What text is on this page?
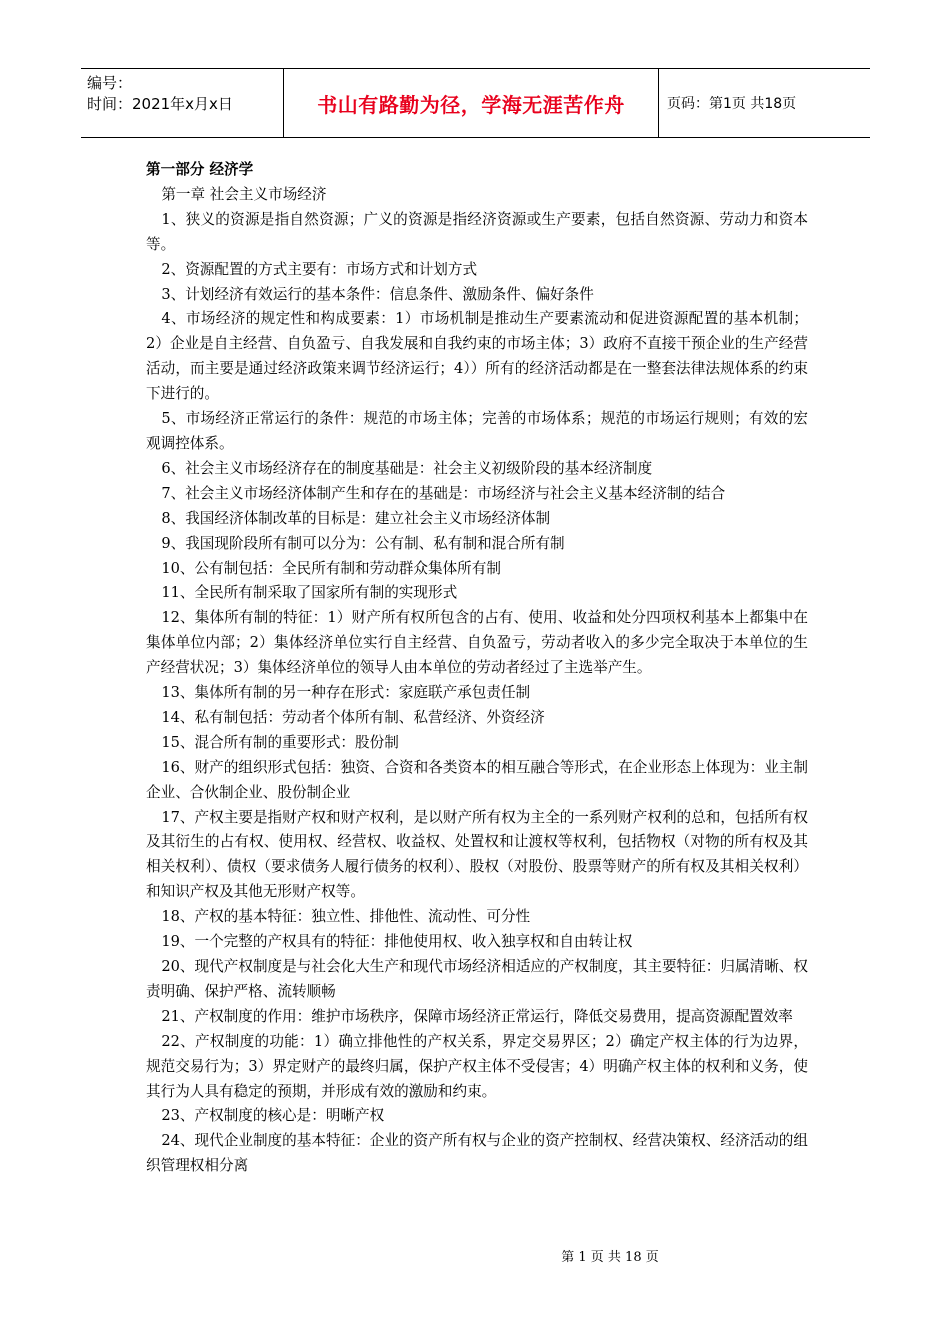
编号：
时间：2021年x月x日	书山有路勤为径，学海无涯苦作舟	页码：第1页 共18页

第一部分 经济学

第一章 社会主义市场经济

1、狭义的资源是指自然资源；广义的资源是指经济资源或生产要素，包括自然资源、劳动力和资本等。

2、资源配置的方式主要有：市场方式和计划方式

3、计划经济有效运行的基本条件：信息条件、激励条件、偏好条件

4、市场经济的规定性和构成要素：1）市场机制是推动生产要素流动和促进资源配置的基本机制；2）企业是自主经营、自负盈亏、自我发展和自我约束的市场主体；3）政府不直接干预企业的生产经营活动，而主要是通过经济政策来调节经济运行；4））所有的经济活动都是在一整套法律法规体系的约束下进行的。

5、市场经济正常运行的条件：规范的市场主体；完善的市场体系；规范的市场运行规则；有效的宏观调控体系。

6、社会主义市场经济存在的制度基础是：社会主义初级阶段的基本经济制度

7、社会主义市场经济体制产生和存在的基础是：市场经济与社会主义基本经济制的结合

8、我国经济体制改革的目标是：建立社会主义市场经济体制

9、我国现阶段所有制可以分为：公有制、私有制和混合所有制

10、公有制包括：全民所有制和劳动群众集体所有制

11、全民所有制采取了国家所有制的实现形式

12、集体所有制的特征：1）财产所有权所包含的占有、使用、收益和处分四项权利基本上都集中在集体单位内部；2）集体经济单位实行自主经营、自负盈亏，劳动者收入的多少完全取决于本单位的生产经营状况；3）集体经济单位的领导人由本单位的劳动者经过了主选举产生。

13、集体所有制的另一种存在形式：家庭联产承包责任制

14、私有制包括：劳动者个体所有制、私营经济、外资经济

15、混合所有制的重要形式：股份制

16、财产的组织形式包括：独资、合资和各类资本的相互融合等形式，在企业形态上体现为：业主制企业、合伙制企业、股份制企业

17、产权主要是指财产权和财产权利，是以财产所有权为主全的一系列财产权利的总和，包括所有权及其衍生的占有权、使用权、经营权、收益权、处置权和让渡权等权利，包括物权（对物的所有权及其相关权利）、债权（要求债务人履行债务的权利）、股权（对股份、股票等财产的所有权及其相关权利）和知识产权及其他无形财产权等。

18、产权的基本特征：独立性、排他性、流动性、可分性

19、一个完整的产权具有的特征：排他使用权、收入独享权和自由转让权

20、现代产权制度是与社会化大生产和现代市场经济相适应的产权制度，其主要特征：归属清晰、权责明确、保护严格、流转顺畅

21、产权制度的作用：维护市场秩序，保障市场经济正常运行，降低交易费用，提高资源配置效率

22、产权制度的功能：1）确立排他性的产权关系，界定交易界区；2）确定产权主体的行为边界，规范交易行为；3）界定财产的最终归属，保护产权主体不受侵害；4）明确产权主体的权利和义务，使其行为人具有稳定的预期，并形成有效的激励和约束。

23、产权制度的核心是：明晰产权

24、现代企业制度的基本特征：企业的资产所有权与企业的资产控制权、经营决策权、经济活动的组织管理权相分离

第 1 页 共 18 页
